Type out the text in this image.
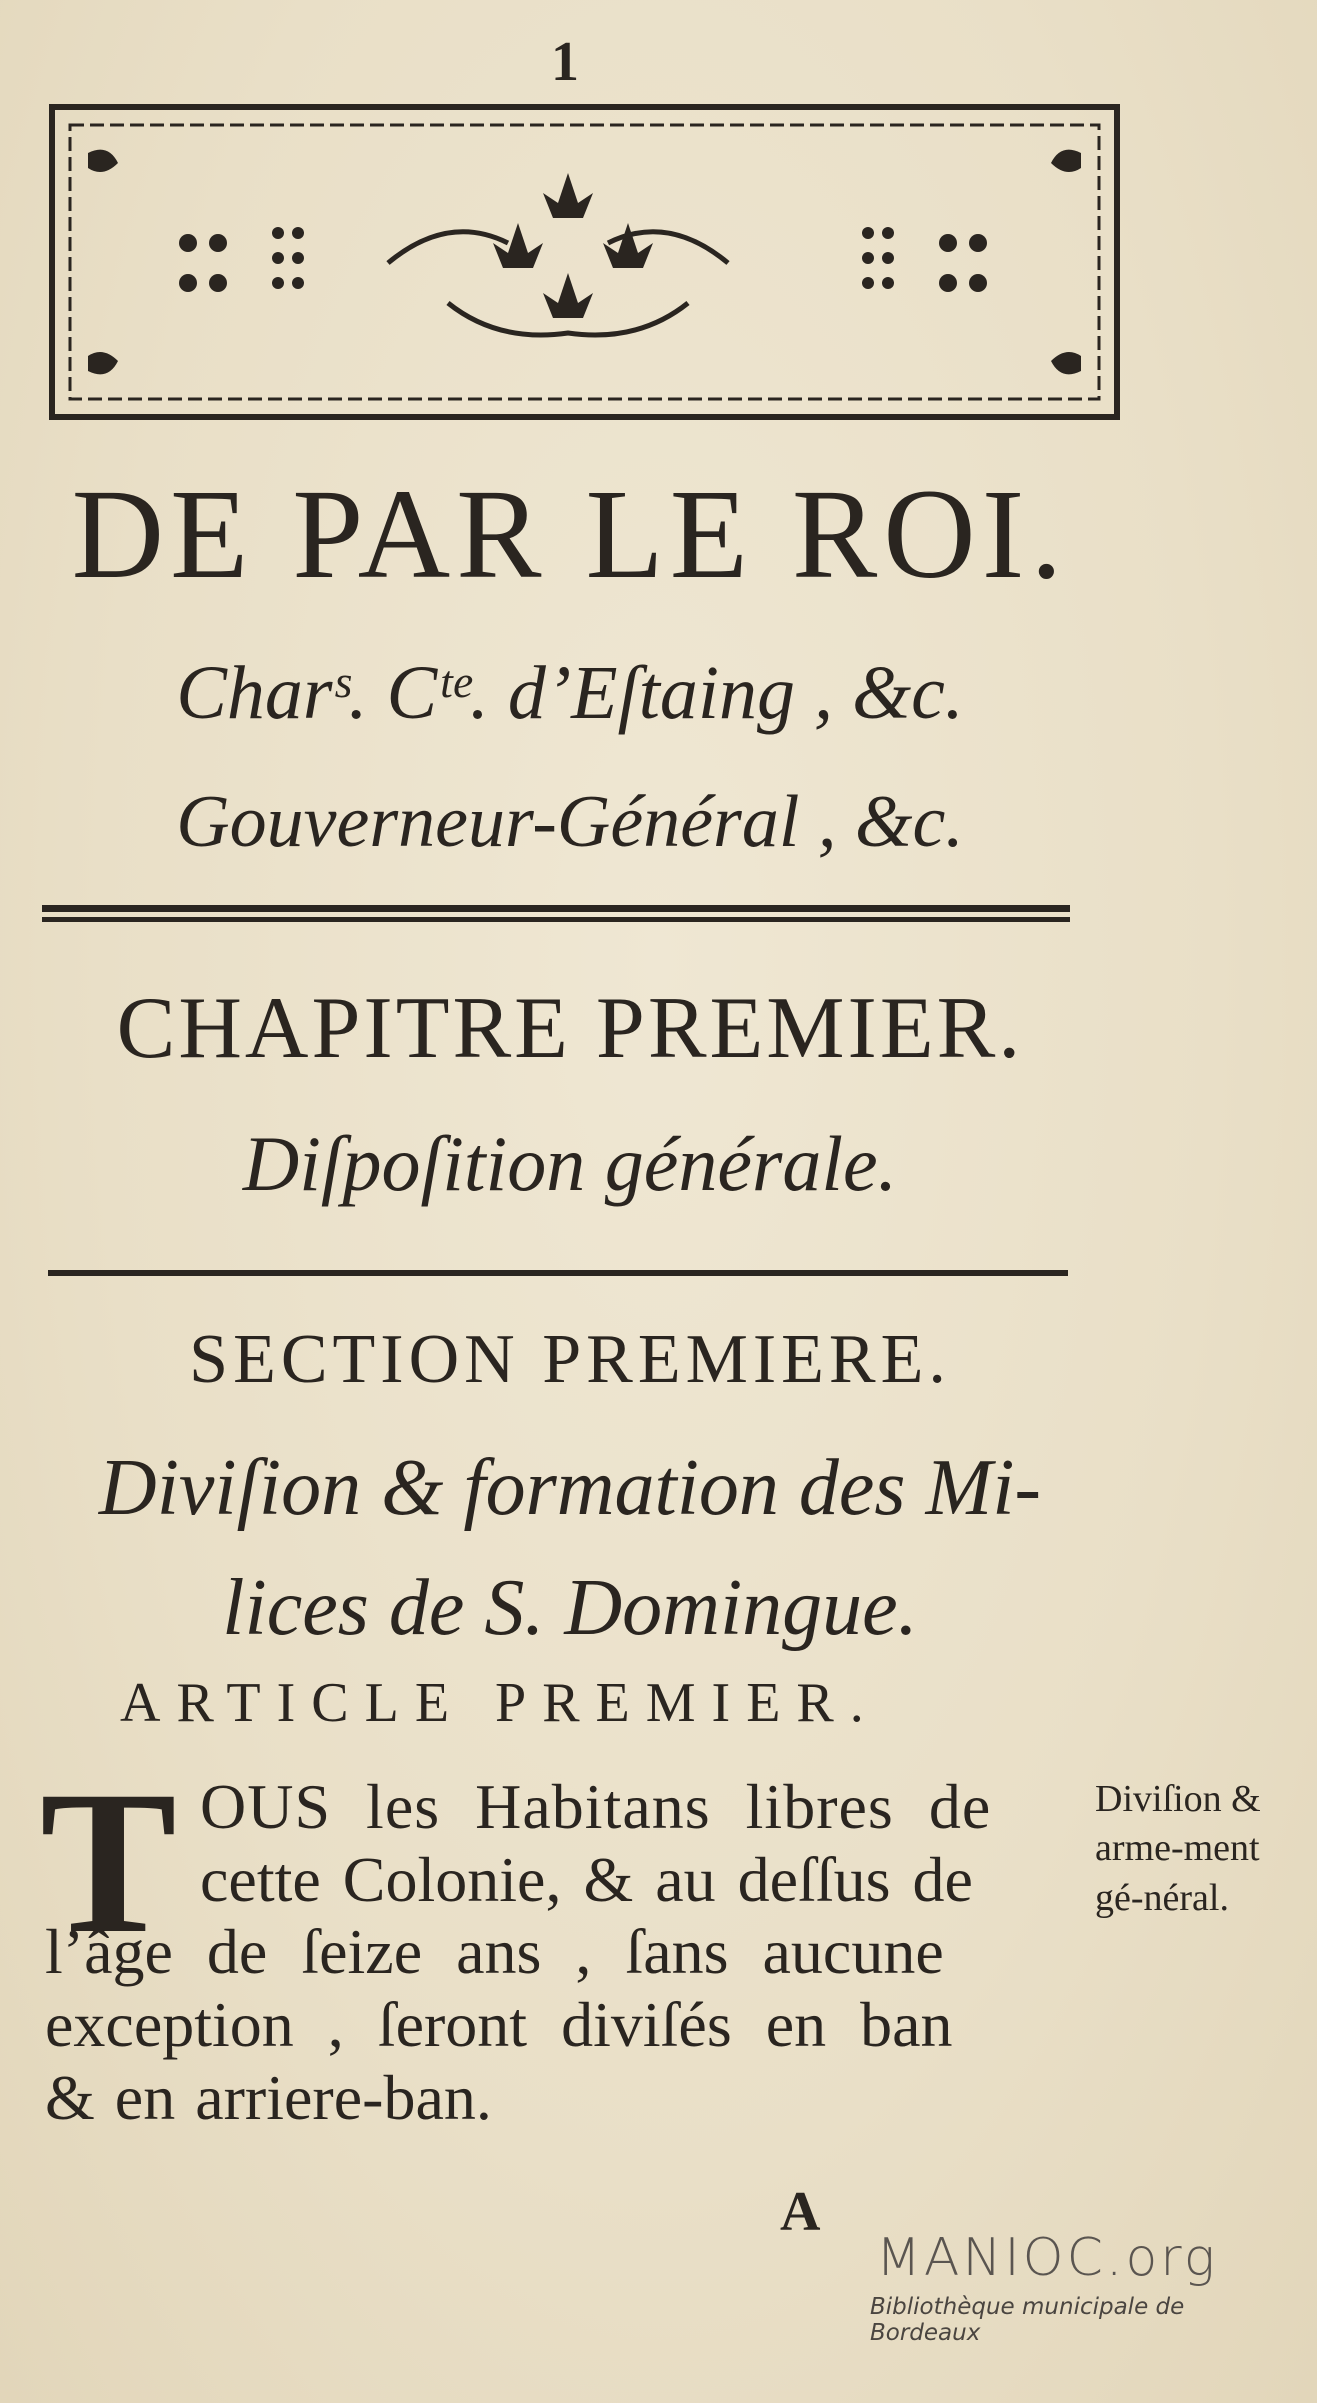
1
DE PAR LE ROI.
Charˢ. Cᵗᵉ. d’Eſtaing , &c.
Gouverneur-Général , &c.
CHAPITRE PREMIER.
Diſpoſition générale.
SECTION PREMIERE.
Diviſion & formation des Mi-
lices de S. Domingue.
ARTICLE PREMIER.
T OUS les Habitans libres de
cette Colonie, & au deſſus de
l’âge de ſeize ans , ſans aucune
exception , ſeront diviſés en ban
& en arriere-ban.
Diviſion & arme-ment gé-néral.
A
MANIOC.org
Bibliothèque municipale de Bordeaux
